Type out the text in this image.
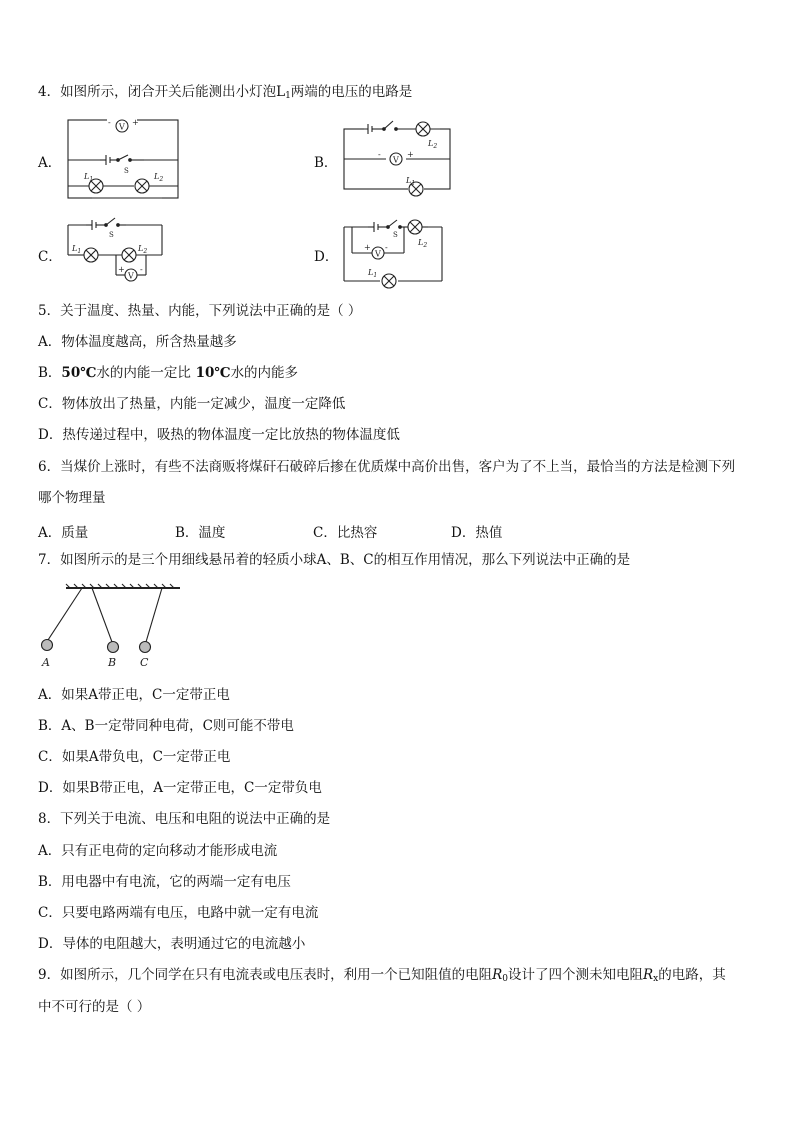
4．如图所示，闭合开关后能测出小灯泡$L_1$两端的电压的电路是
A．	B．
C．	D．
V
-	+
S
$L_1$	$L_2$
$L_2$
V
-	+
$L_1$
S
$L_1$	$L_2$
V
+ -
S
$L_2$
V
+ -
$L_1$
5．关于温度、热量、内能，下列说法中正确的是（ ）
A．物体温度越高，所含热量越多
B．50℃水的内能一定比 10℃水的内能多
C．物体放出了热量，内能一定减少，温度一定降低
D．热传递过程中，吸热的物体温度一定比放热的物体温度低
6．当煤价上涨时，有些不法商贩将煤矸石破碎后掺在优质煤中高价出售，客户为了不上当，最恰当的方法是检测下列
哪个物理量
A．质量	B．温度	C．比热容	D．热值
7．如图所示的是三个用细线悬吊着的轻质小球A、B、C的相互作用情况，那么下列说法中正确的是
A	B C
A．如果A带正电，C一定带正电
B．A、B一定带同种电荷，C则可能不带电
C．如果A带负电，C一定带正电
D．如果B带正电，A一定带正电，C一定带负电
8．下列关于电流、电压和电阻的说法中正确的是
A．只有正电荷的定向移动才能形成电流
B．用电器中有电流，它的两端一定有电压
C．只要电路两端有电压，电路中就一定有电流
D．导体的电阻越大，表明通过它的电流越小
9．如图所示，几个同学在只有电流表或电压表时，利用一个已知阻值的电阻$R_0$设计了四个测未知电阻$R_x$的电路，其
中不可行的是（ ）
